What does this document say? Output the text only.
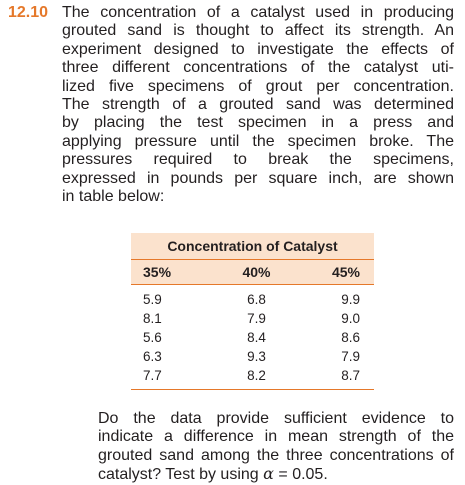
12.10 The concentration of a catalyst used in producing
grouted sand is thought to affect its strength. An
experiment designed to investigate the effects of
three different concentrations of the catalyst uti-
lized five specimens of grout per concentration.
The strength of a grouted sand was determined
by placing the test specimen in a press and
applying pressure until the specimen broke. The
pressures required to break the specimens,
expressed in pounds per square inch, are shown
in table below:
Concentration of Catalyst
35%	40%	45%
5.9	6.8	9.9
8.1	7.9	9.0
5.6	8.4	8.6
6.3	9.3	7.9
7.7	8.2	8.7
Do the data provide sufficient evidence to
indicate a difference in mean strength of the
grouted sand among the three concentrations of
catalyst? Test by using α = 0.05.
